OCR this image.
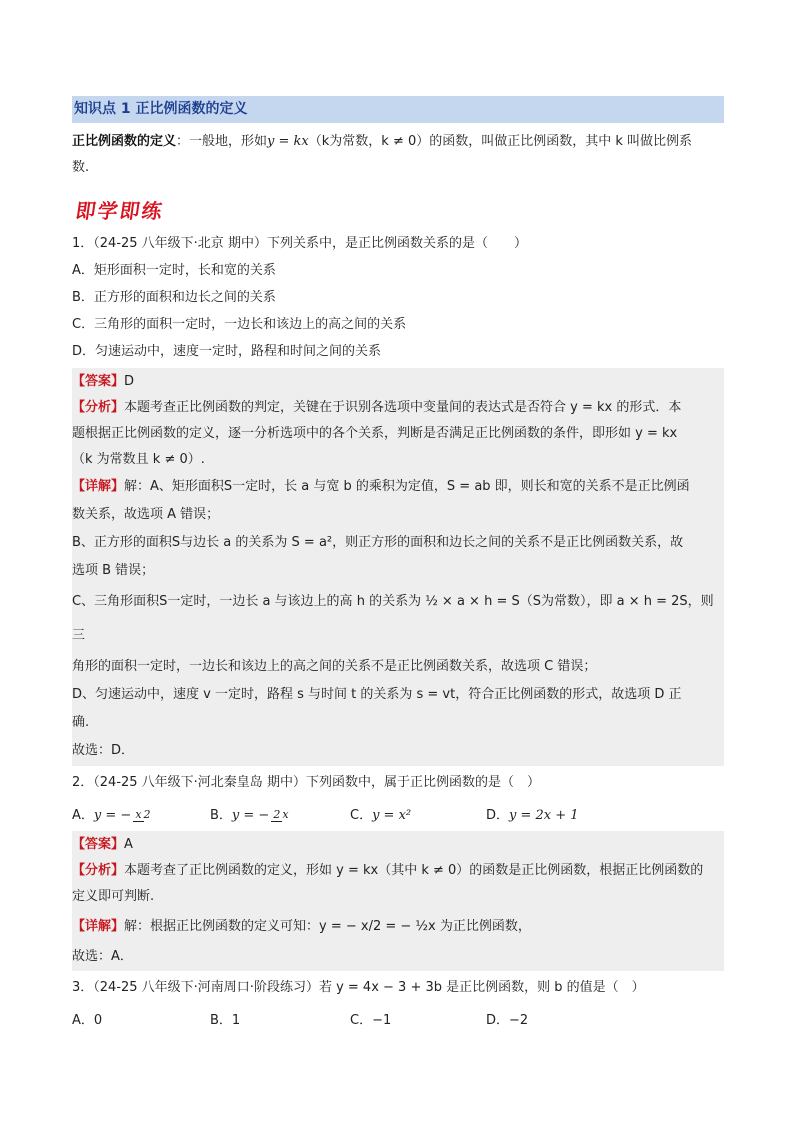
知识点 1 正比例函数的定义

正比例函数的定义：一般地，形如y = kx（k为常数，k ≠ 0）的函数，叫做正比例函数，其中 k 叫做比例系
数.

即学即练

1．（24-25 八年级下·北京 期中）下列关系中，是正比例函数关系的是（　　）

A．矩形面积一定时，长和宽的关系

B．正方形的面积和边长之间的关系

C．三角形的面积一定时，一边长和该边上的高之间的关系

D．匀速运动中，速度一定时，路程和时间之间的关系

【答案】D

【分析】本题考查正比例函数的判定，关键在于识别各选项中变量间的表达式是否符合 y = kx 的形式．本

题根据正比例函数的定义，逐一分析选项中的各个关系，判断是否满足正比例函数的条件，即形如 y = kx

（k 为常数且 k ≠ 0）.

【详解】解：A、矩形面积S一定时，长 a 与宽 b 的乘积为定值，S = ab 即，则长和宽的关系不是正比例函

数关系，故选项 A 错误；

B、正方形的面积S与边长 a 的关系为 S = a²，则正方形的面积和边长之间的关系不是正比例函数关系，故

选项 B 错误；

C、三角形面积S一定时，一边长 a 与该边上的高 h 的关系为 ½ × a × h = S（S为常数），即 a × h = 2S，则三

角形的面积一定时，一边长和该边上的高之间的关系不是正比例函数关系，故选项 C 错误；

D、匀速运动中，速度 v 一定时，路程 s 与时间 t 的关系为 s = vt，符合正比例函数的形式，故选项 D 正

确.

故选：D．

2．（24-25 八年级下·河北秦皇岛 期中）下列函数中，属于正比例函数的是（　）

A．y = − x 2	B．y = − 2 x	C．y = x²	D．y = 2x + 1

【答案】A

【分析】本题考查了正比例函数的定义，形如 y = kx（其中 k ≠ 0）的函数是正比例函数，根据正比例函数的

定义即可判断.

【详解】解：根据正比例函数的定义可知：y = − x/2 = − ½x 为正比例函数，

故选：A．

3．（24-25 八年级下·河南周口·阶段练习）若 y = 4x − 3 + 3b 是正比例函数，则 b 的值是（　）

A．0	B．1	C．−1	D．−2
